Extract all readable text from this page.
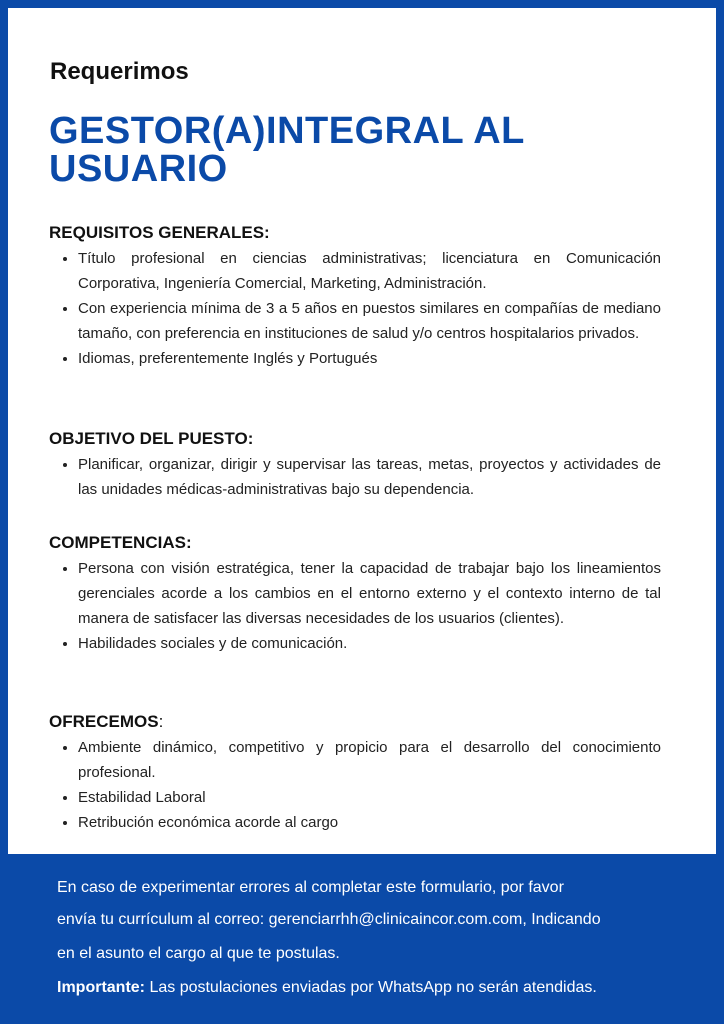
Requerimos
GESTOR(A)INTEGRAL AL USUARIO
REQUISITOS GENERALES:
• Título profesional en ciencias administrativas; licenciatura en Comunicación Corporativa, Ingeniería Comercial, Marketing, Administración.
• Con experiencia mínima de 3 a 5 años en puestos similares en compañías de mediano tamaño, con preferencia en instituciones de salud y/o centros hospitalarios privados.
• Idiomas, preferentemente Inglés y Portugués
OBJETIVO DEL PUESTO:
• Planificar, organizar, dirigir y supervisar las tareas, metas, proyectos y actividades de las unidades médicas-administrativas bajo su dependencia.
COMPETENCIAS:
• Persona con visión estratégica, tener la capacidad de trabajar bajo los lineamientos gerenciales acorde a los cambios en el entorno externo y el contexto interno de tal manera de satisfacer las diversas necesidades de los usuarios (clientes).
• Habilidades sociales y de comunicación.
OFRECEMOS:
• Ambiente dinámico, competitivo y propicio para el desarrollo del conocimiento profesional.
• Estabilidad Laboral
• Retribución económica acorde al cargo

En caso de experimentar errores al completar este formulario, por favor

envía tu currículum al correo: gerenciarrhh@clinicaincor.com.com, Indicando

en el asunto el cargo al que te postulas.

Importante: Las postulaciones enviadas por WhatsApp no serán atendidas.
